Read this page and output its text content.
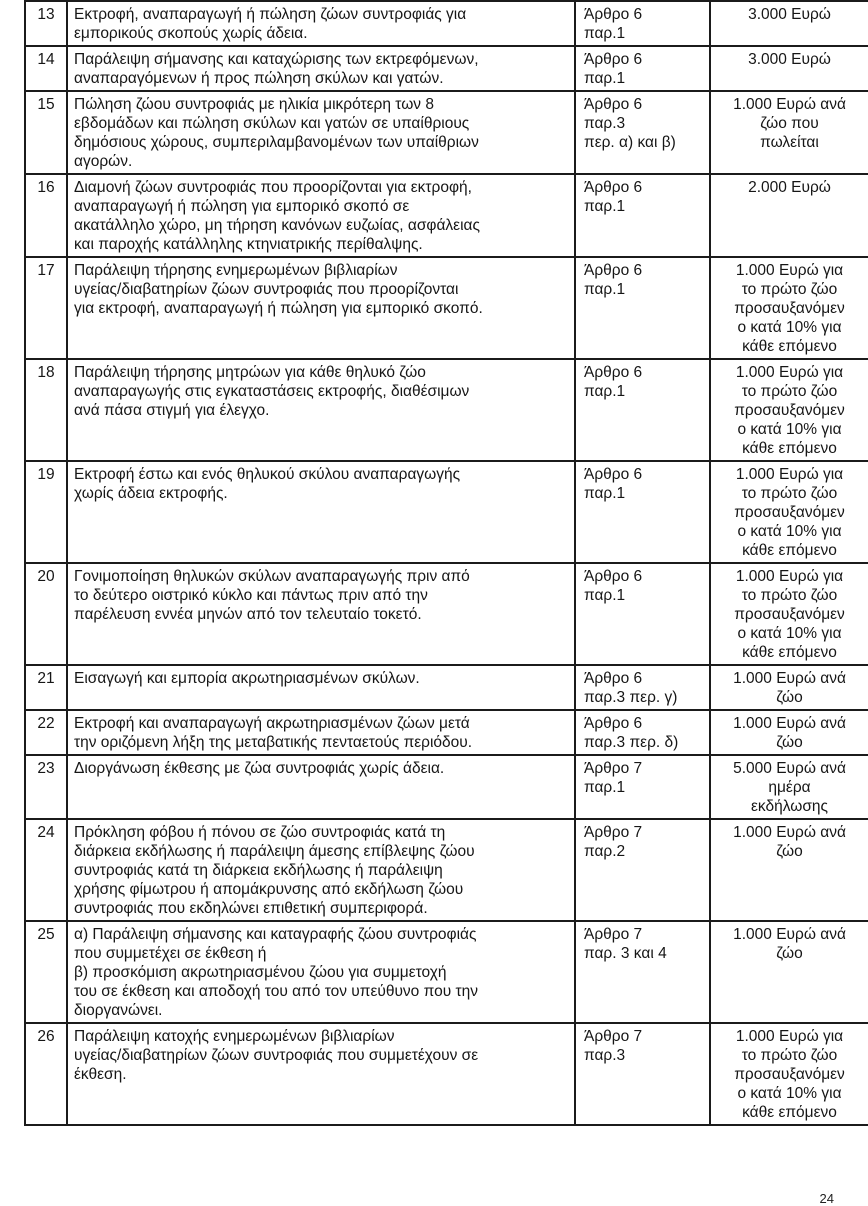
13	Εκτροφή, αναπαραγωγή ή πώληση ζώων συντροφιάς για
εμπορικούς σκοπούς χωρίς άδεια.	Άρθρο 6
παρ.1	3.000 Ευρώ

14	Παράλειψη σήμανσης και καταχώρισης των εκτρεφόμενων,
αναπαραγόμενων ή προς πώληση σκύλων και γατών.	Άρθρο 6
παρ.1	3.000 Ευρώ

15	Πώληση ζώου συντροφιάς με ηλικία μικρότερη των 8
εβδομάδων και πώληση σκύλων και γατών σε υπαίθριους
δημόσιους χώρους, συμπεριλαμβανομένων των υπαίθριων
αγορών.	Άρθρο 6
παρ.3
περ. α) και β)	1.000 Ευρώ ανά
ζώο που
πωλείται

16	Διαμονή ζώων συντροφιάς που προορίζονται για εκτροφή,
αναπαραγωγή ή πώληση για εμπορικό σκοπό σε
ακατάλληλο χώρο, μη τήρηση κανόνων ευζωίας, ασφάλειας
και παροχής κατάλληλης κτηνιατρικής περίθαλψης.	Άρθρο 6
παρ.1	2.000 Ευρώ

17	Παράλειψη τήρησης ενημερωμένων βιβλιαρίων
υγείας/διαβατηρίων ζώων συντροφιάς που προορίζονται
για εκτροφή, αναπαραγωγή ή πώληση για εμπορικό σκοπό.	Άρθρο 6
παρ.1	1.000 Ευρώ για
το πρώτο ζώο
προσαυξανόμεν
ο κατά 10% για
κάθε επόμενο

18	Παράλειψη τήρησης μητρώων για κάθε θηλυκό ζώο
αναπαραγωγής στις εγκαταστάσεις εκτροφής, διαθέσιμων
ανά πάσα στιγμή για έλεγχο.	Άρθρο 6
παρ.1	1.000 Ευρώ για
το πρώτο ζώο
προσαυξανόμεν
ο κατά 10% για
κάθε επόμενο

19	Εκτροφή έστω και ενός θηλυκού σκύλου αναπαραγωγής
χωρίς άδεια εκτροφής.	Άρθρο 6
παρ.1	1.000 Ευρώ για
το πρώτο ζώο
προσαυξανόμεν
ο κατά 10% για
κάθε επόμενο

20	Γονιμοποίηση θηλυκών σκύλων αναπαραγωγής πριν από
το δεύτερο οιστρικό κύκλο και πάντως πριν από την
παρέλευση εννέα μηνών από τον τελευταίο τοκετό.	Άρθρο 6
παρ.1	1.000 Ευρώ για
το πρώτο ζώο
προσαυξανόμεν
ο κατά 10% για
κάθε επόμενο

21	Εισαγωγή και εμπορία ακρωτηριασμένων σκύλων.	Άρθρο 6
παρ.3 περ. γ)	1.000 Ευρώ ανά
ζώο

22	Εκτροφή και αναπαραγωγή ακρωτηριασμένων ζώων μετά
την οριζόμενη λήξη της μεταβατικής πενταετούς περιόδου.	Άρθρο 6
παρ.3 περ. δ)	1.000 Ευρώ ανά
ζώο

23	Διοργάνωση έκθεσης με ζώα συντροφιάς χωρίς άδεια.	Άρθρο 7
παρ.1	5.000 Ευρώ ανά
ημέρα
εκδήλωσης

24	Πρόκληση φόβου ή πόνου σε ζώο συντροφιάς κατά τη
διάρκεια εκδήλωσης ή παράλειψη άμεσης επίβλεψης ζώου
συντροφιάς κατά τη διάρκεια εκδήλωσης ή παράλειψη
χρήσης φίμωτρου ή απομάκρυνσης από εκδήλωση ζώου
συντροφιάς που εκδηλώνει επιθετική συμπεριφορά.	Άρθρο 7
παρ.2	1.000 Ευρώ ανά
ζώο

25	α) Παράλειψη σήμανσης και καταγραφής ζώου συντροφιάς
που συμμετέχει σε έκθεση ή
β) προσκόμιση ακρωτηριασμένου ζώου για συμμετοχή
του σε έκθεση και αποδοχή του από τον υπεύθυνο που την
διοργανώνει.	Άρθρο 7
παρ. 3 και 4	1.000 Ευρώ ανά
ζώο

26	Παράλειψη κατοχής ενημερωμένων βιβλιαρίων
υγείας/διαβατηρίων ζώων συντροφιάς που συμμετέχουν σε
έκθεση.	Άρθρο 7
παρ.3	1.000 Ευρώ για
το πρώτο ζώο
προσαυξανόμεν
ο κατά 10% για
κάθε επόμενο
24
